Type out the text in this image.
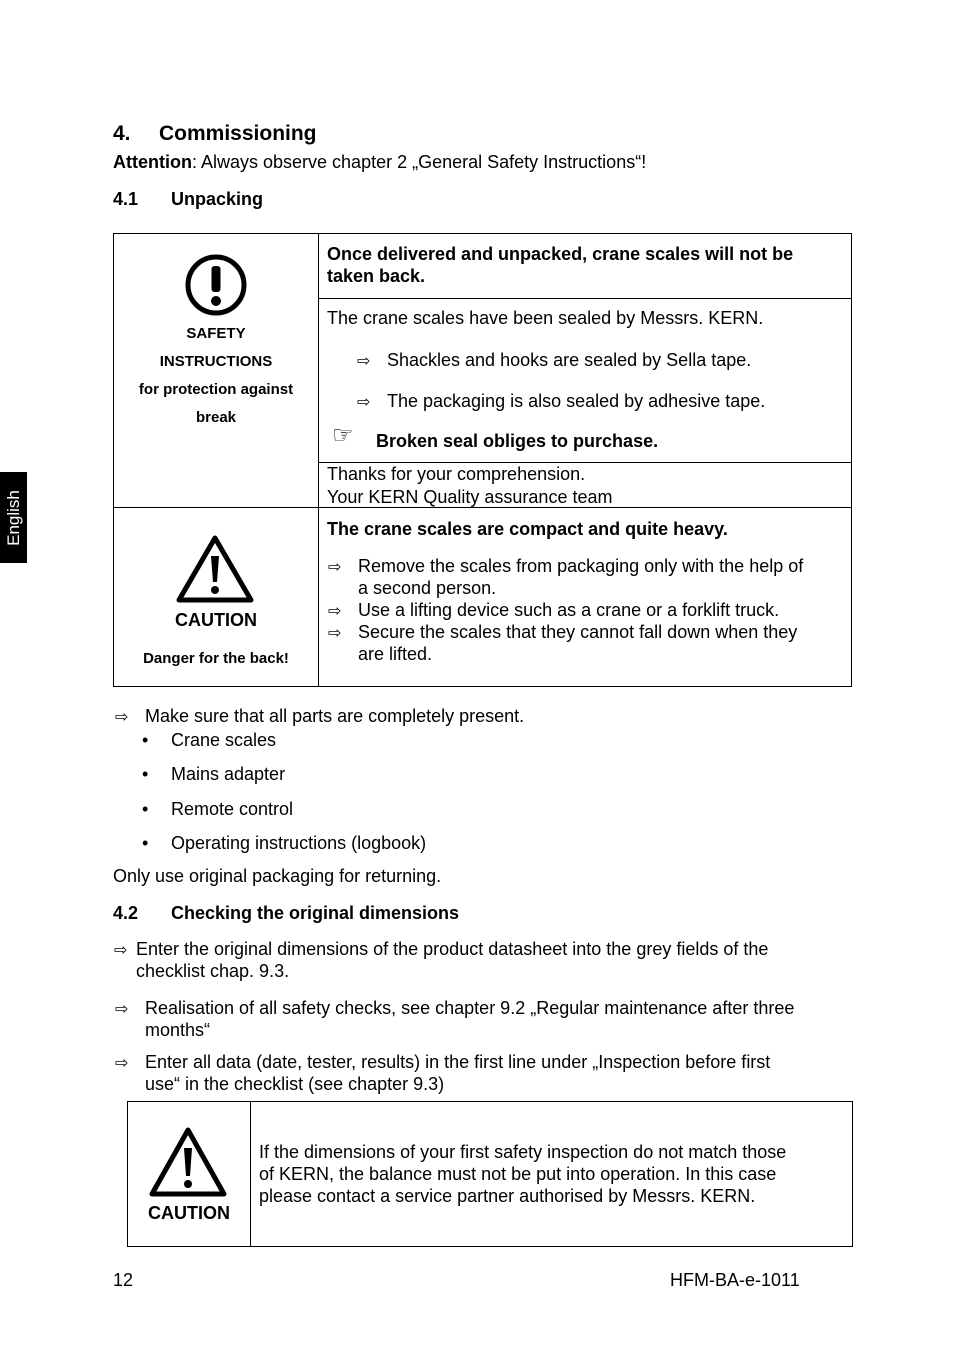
English
4. Commissioning
Attention: Always observe chapter 2 „General Safety Instructions“!
4.1 Unpacking
SAFETY
INSTRUCTIONS
for protection against
break
Once delivered and unpacked, crane scales will not be
taken back.
The crane scales have been sealed by Messrs. KERN.
⇨ Shackles and hooks are sealed by Sella tape.
⇨ The packaging is also sealed by adhesive tape.
☞ Broken seal obliges to purchase.
Thanks for your comprehension.
Your KERN Quality assurance team
CAUTION
Danger for the back!
The crane scales are compact and quite heavy.
⇨ Remove the scales from packaging only with the help of
a second person.
⇨ Use a lifting device such as a crane or a forklift truck.
⇨ Secure the scales that they cannot fall down when they
are lifted.
⇨ Make sure that all parts are completely present.
• Crane scales
• Mains adapter
• Remote control
• Operating instructions (logbook)
Only use original packaging for returning.
4.2 Checking the original dimensions
⇨ Enter the original dimensions of the product datasheet into the grey fields of the
checklist chap. 9.3.
⇨ Realisation of all safety checks, see chapter 9.2 „Regular maintenance after three
months“
⇨ Enter all data (date, tester, results) in the first line under „Inspection before first
use“ in the checklist (see chapter 9.3)
CAUTION
If the dimensions of your first safety inspection do not match those
of KERN, the balance must not be put into operation. In this case
please contact a service partner authorised by Messrs. KERN.
12	HFM-BA-e-1011
